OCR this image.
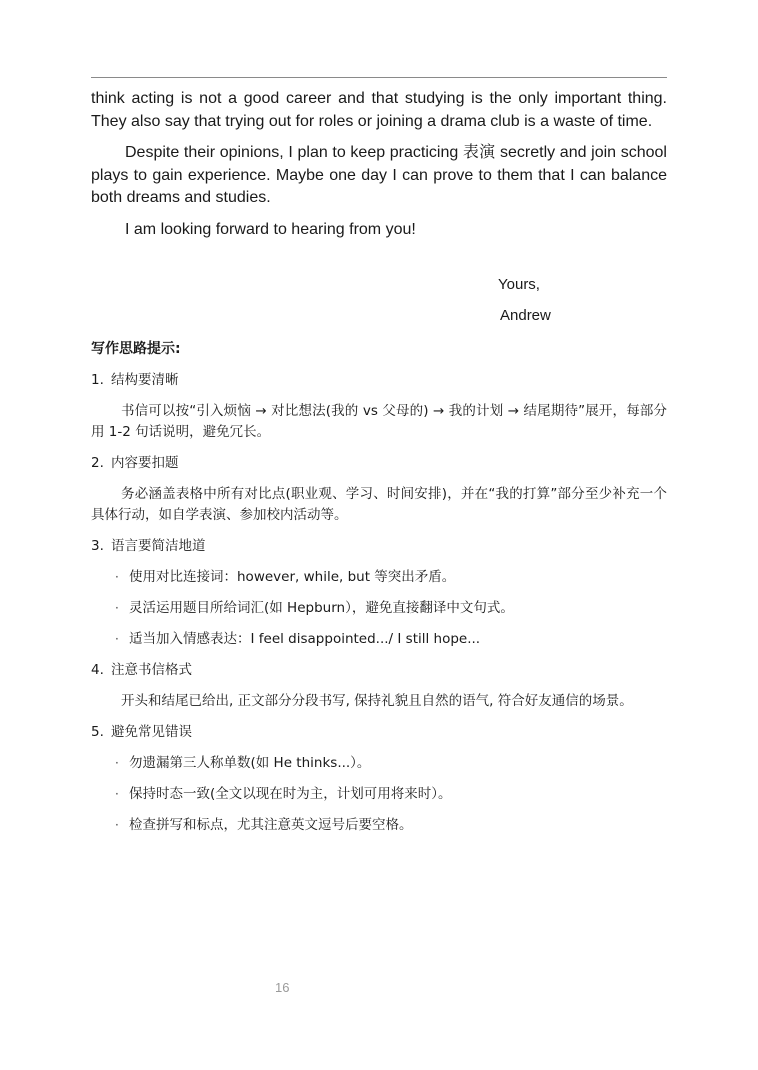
think acting is not a good career and that studying is the only important thing. They also say that trying out for roles or joining a drama club is a waste of time.

Despite their opinions, I plan to keep practicing 表演 secretly and join school plays to gain experience. Maybe one day I can prove to them that I can balance both dreams and studies.

I am looking forward to hearing from you!

Yours,
Andrew
写作思路提示:
1. 结构要清晰
书信可以按“引入烦恼 → 对比想法(我的 vs 父母的) → 我的计划 → 结尾期待”展开，每部分用 1-2 句话说明，避免冗长。
2. 内容要扣题
务必涵盖表格中所有对比点(职业观、学习、时间安排)，并在“我的打算”部分至少补充一个具体行动，如自学表演、参加校内活动等。
3. 语言要简洁地道
· 使用对比连接词：however, while, but 等突出矛盾。
· 灵活运用题目所给词汇(如 Hepburn），避免直接翻译中文句式。
· 适当加入情感表达：I feel disappointed.../ I still hope...
4. 注意书信格式
开头和结尾已给出, 正文部分分段书写, 保持礼貌且自然的语气, 符合好友通信的场景。
5. 避免常见错误
· 勿遗漏第三人称单数(如 He thinks...）。
· 保持时态一致(全文以现在时为主，计划可用将来时）。
· 检查拼写和标点，尤其注意英文逗号后要空格。
16
